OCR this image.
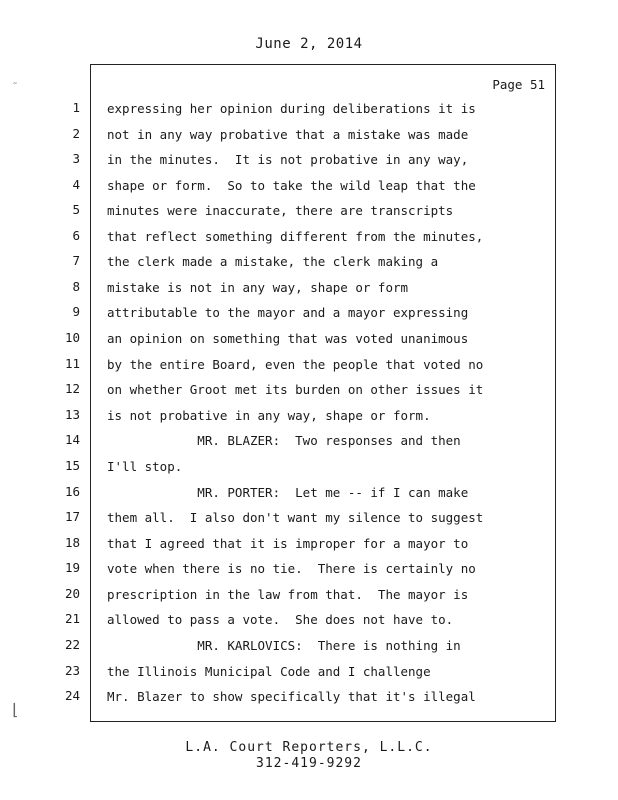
June 2, 2014
1
2
3
4
5
6
7
8
9
10
11
12
13
14
15
16
17
18
19
20
21
22
23
24
Page 51
expressing her opinion during deliberations it is
not in any way probative that a mistake was made
in the minutes.  It is not probative in any way,
shape or form.  So to take the wild leap that the
minutes were inaccurate, there are transcripts
that reflect something different from the minutes,
the clerk made a mistake, the clerk making a
mistake is not in any way, shape or form
attributable to the mayor and a mayor expressing
an opinion on something that was voted unanimous
by the entire Board, even the people that voted no
on whether Groot met its burden on other issues it
is not probative in any way, shape or form.
MR. BLAZER:  Two responses and then
I'll stop.
MR. PORTER:  Let me -- if I can make
them all.  I also don't want my silence to suggest
that I agreed that it is improper for a mayor to
vote when there is no tie.  There is certainly no
prescription in the law from that.  The mayor is
allowed to pass a vote.  She does not have to.
MR. KARLOVICS:  There is nothing in
the Illinois Municipal Code and I challenge
Mr. Blazer to show specifically that it's illegal
˜
⌊
L.A. Court Reporters, L.L.C.
312-419-9292
